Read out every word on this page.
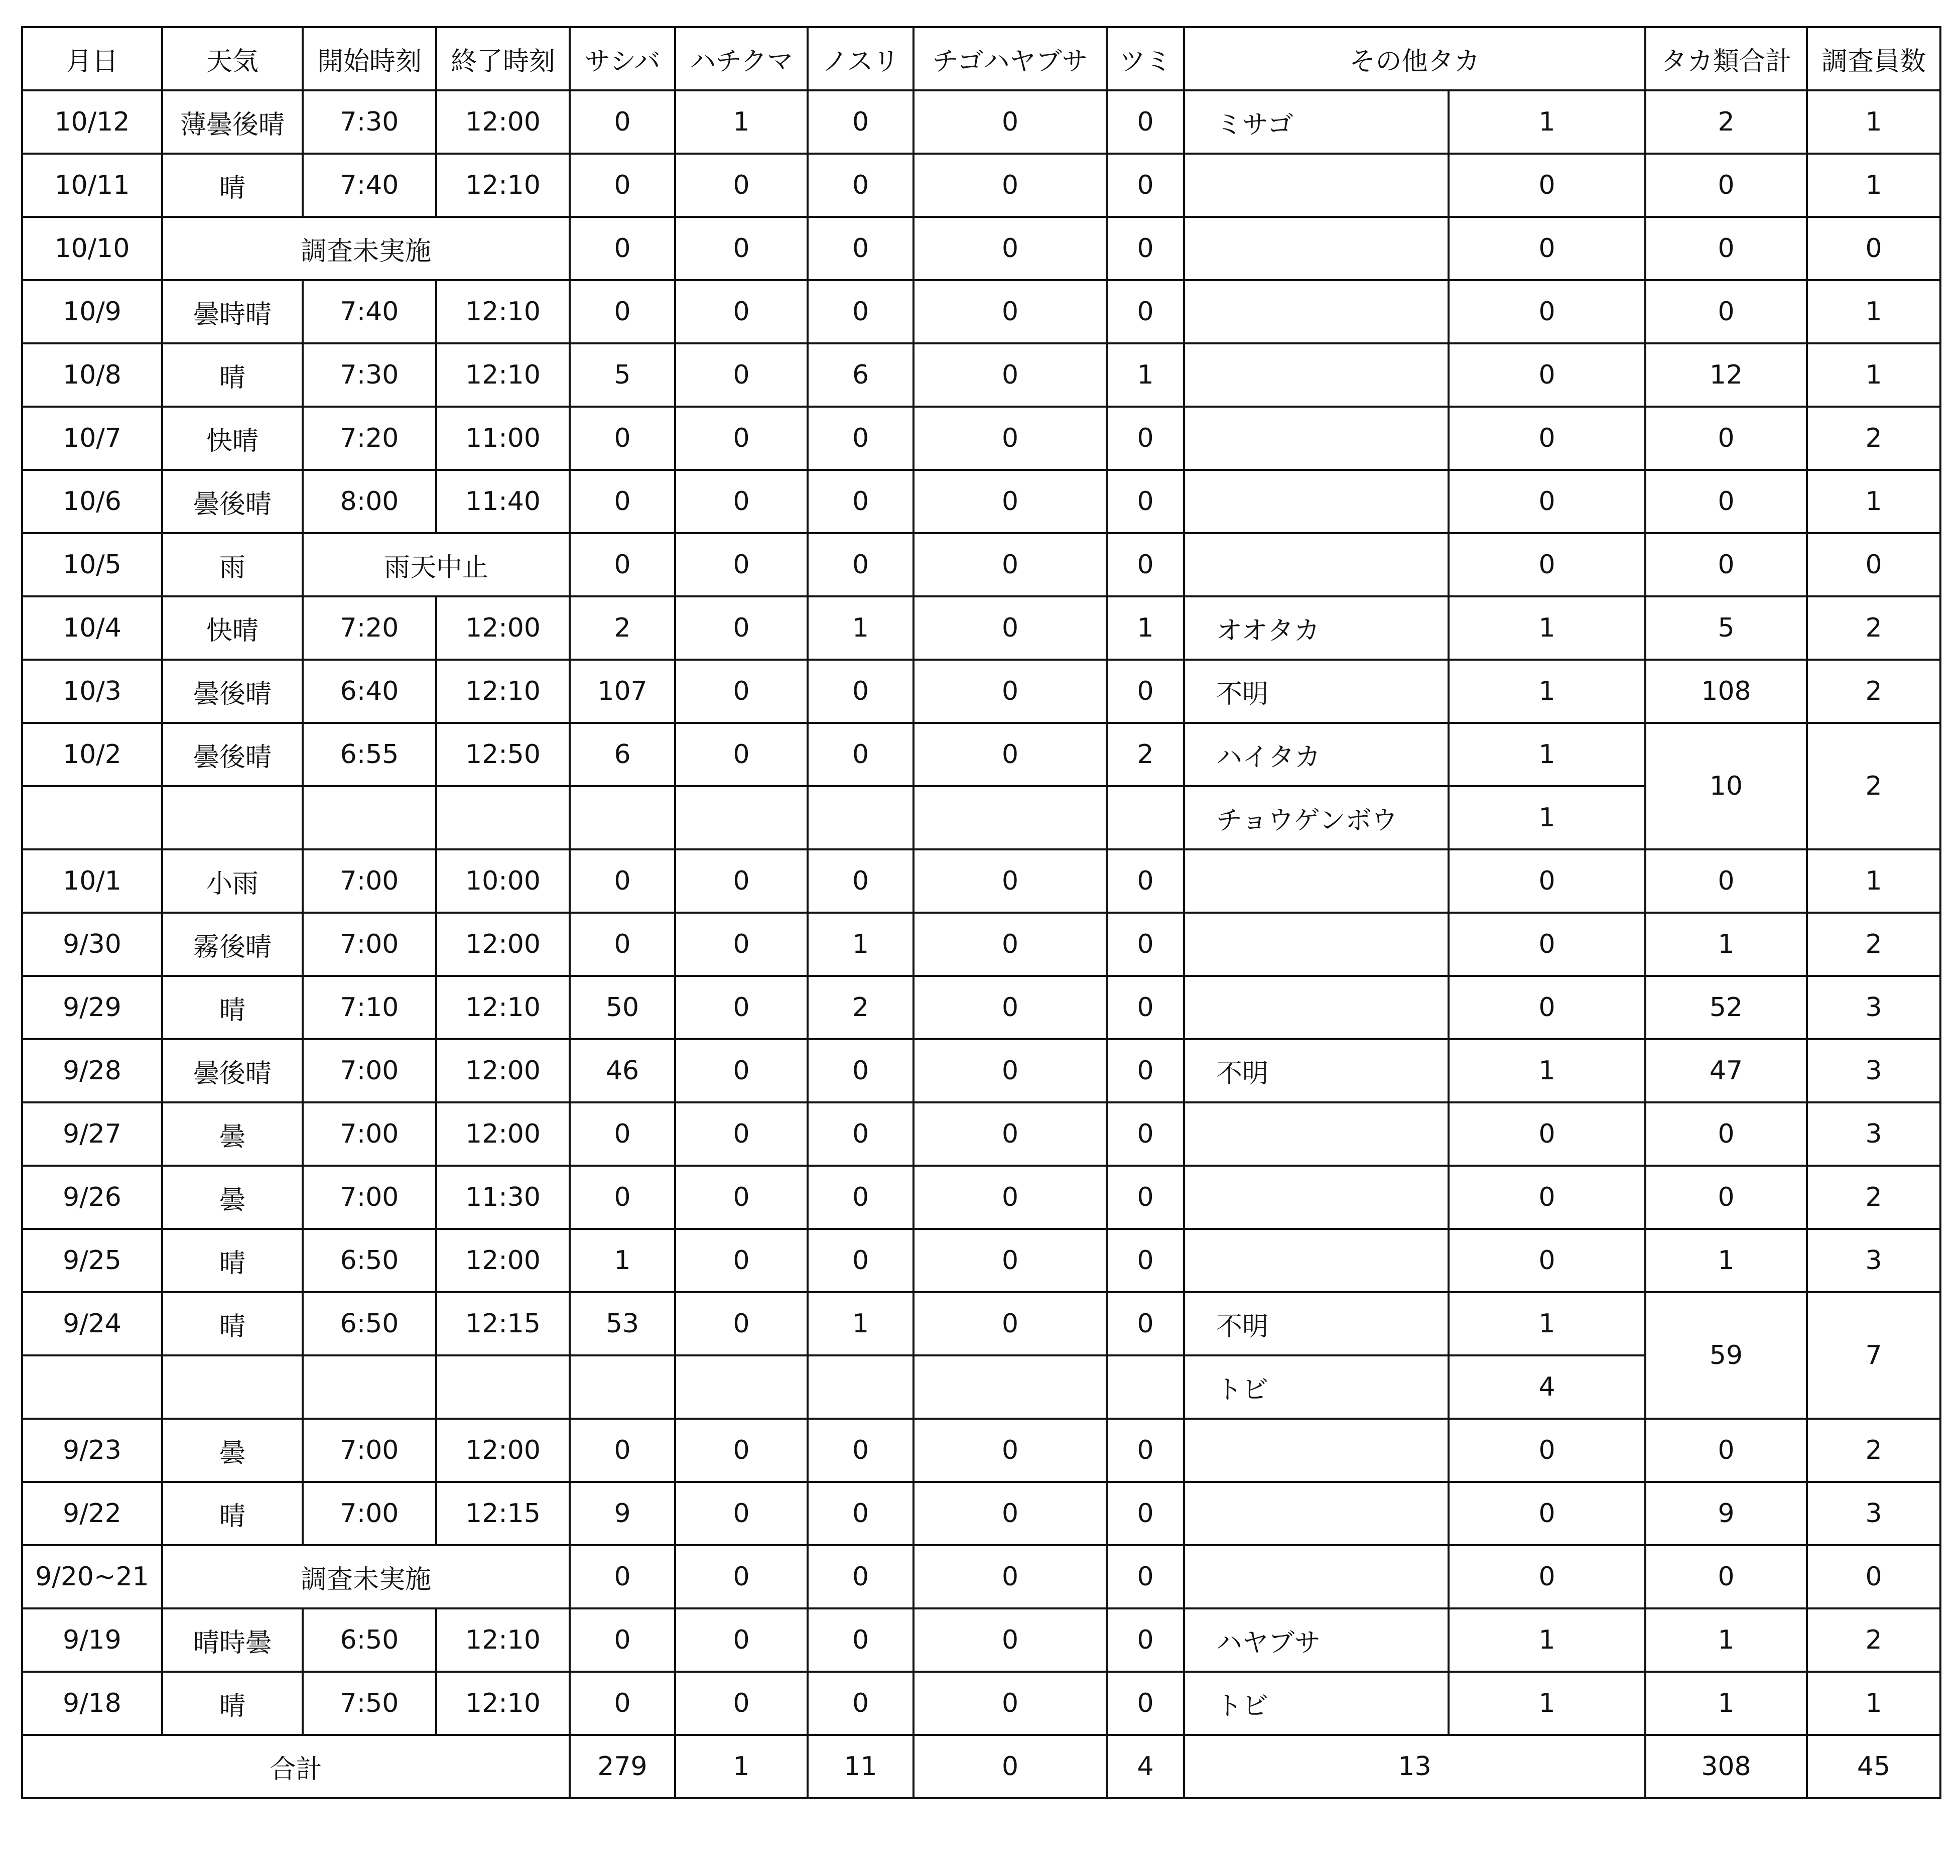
月日	天気	開始時刻	終了時刻	サシバ	ハチクマ	ノスリ	チゴハヤブサ	ツミ	その他タカ		タカ類合計	調査員数
10/12	薄曇後晴	7:30	12:00	0	1	0	0	0	ミサゴ	1	2	1
10/11	晴	7:40	12:10	0	0	0	0	0		0	0	1
10/10	調査未実施			0	0	0	0	0		0	0	0
10/9	曇時晴	7:40	12:10	0	0	0	0	0		0	0	1
10/8	晴	7:30	12:10	5	0	6	0	1		0	12	1
10/7	快晴	7:20	11:00	0	0	0	0	0		0	0	2
10/6	曇後晴	8:00	11:40	0	0	0	0	0		0	0	1
10/5	雨	雨天中止		0	0	0	0	0		0	0	0
10/4	快晴	7:20	12:00	2	0	1	0	1	オオタカ	1	5	2
10/3	曇後晴	6:40	12:10	107	0	0	0	0	不明	1	108	2
10/2	曇後晴	6:55	12:50	6	0	0	0	2	ハイタカ	1	10	2
									チョウゲンボウ	1		
10/1	小雨	7:00	10:00	0	0	0	0	0		0	0	1
9/30	霧後晴	7:00	12:00	0	0	1	0	0		0	1	2
9/29	晴	7:10	12:10	50	0	2	0	0		0	52	3
9/28	曇後晴	7:00	12:00	46	0	0	0	0	不明	1	47	3
9/27	曇	7:00	12:00	0	0	0	0	0		0	0	3
9/26	曇	7:00	11:30	0	0	0	0	0		0	0	2
9/25	晴	6:50	12:00	1	0	0	0	0		0	1	3
9/24	晴	6:50	12:15	53	0	1	0	0	不明	1	59	7
									トビ	4		
9/23	曇	7:00	12:00	0	0	0	0	0		0	0	2
9/22	晴	7:00	12:15	9	0	0	0	0		0	9	3
9/20~21	調査未実施			0	0	0	0	0		0	0	0
9/19	晴時曇	6:50	12:10	0	0	0	0	0	ハヤブサ	1	1	2
9/18	晴	7:50	12:10	0	0	0	0	0	トビ	1	1	1
合計				279	1	11	0	4	13		308	45
